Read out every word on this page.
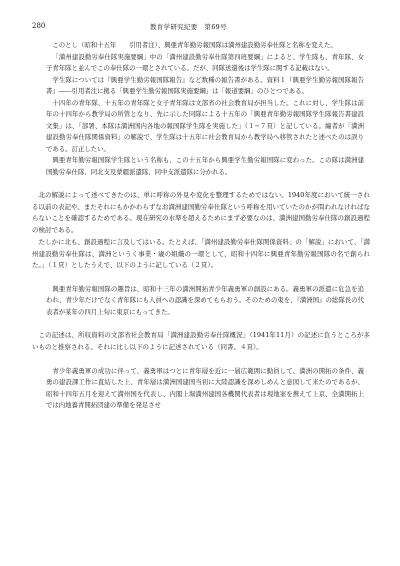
280	教育学研究紀要　第69号

このとし（昭和十五年　　引用者注）、興亜青年勤労報国隊は満州建設勤労奉仕隊と名称を変えた。

「満州建設勤労奉仕隊実施要綱」中の「満州建設勤労奉仕隊第四班要綱」によると、学生隊も、青年隊、女子青年隊と並んでこの奉仕隊の一環とされている。だが、同隊送還後は学生隊に関する記載はない。

学生隊については『興亜学生勤労報国隊報告』など数種の報告書がある。資料１『興亜学生勤労報国隊報告書』――引用者注に拠る「興亜学生勤労報国隊実施要綱」は「報道要綱」のひとつである。

十四年の青年隊、十五年の青年隊と女子青年隊は文部省の社会教育局が担当した。これに対し、学生隊は前年の十四年から教学局の所管となり、先に示した同隊による十五年の「興亜青年勤労報国隊学生隊報告書建設文集」は、「部署、本隊は満洲国内各地の報国隊学生隊を実施した」（１−７頁）と記している。編者が「満洲建設勤労奉仕隊関係資料」の解説で、学生隊は十五年に社会教育局から教学局へ移管されたと述べたのは誤りである。訂正したい。

興亜青年勤労報国隊学生隊という名称も、この十五年から興亜学生勤労報国隊に変わった。この隊は満洲建国勤労奉仕隊、同北支及蒙疆派遣隊、同中支派遣隊に分かれる。

北の解説によって述べてきたのは、単に呼称の外見や変化を整理するためではない。1940年度において統一される以前の表記や、またそれにもかかわらずなお満洲建国勤労奉仕隊という呼称を用いていたのかが問われなければならないことを確認するためである。現在研究の水準を超えるためにまず必要なのは、満洲建国勤労奉仕隊の創設過程の検討である。

たしかに北も、創設過程に言及してはいる。たとえば、「満州建設勤労奉仕隊関係資料」の「解説」において、「満州建設勤労奉仕隊は、満洲というく事業・歳の組織の一環として、昭和十四年に興亜青年勤労報国隊の名で創られた。」（１頁）としたうえで、以下のように記している（２頁）。

興亜青年勤労報国隊の趣旨は、昭和十三年の満洲開拓青少年義勇軍の創設にある。義勇軍の派遣に危急を追われ、青少年だけでなく青年隊にも人員への認識を深めてもらおう。そのための東を、『満洲国』の総隊長の代表者が某年の四月上旬に東京にもってきた。

この記述は、所収資料の文部省社会教育局「満洲建設勤労奉仕隊概況」（1941年11月）の記述に負うところが多いものと推察される。それに比し以下のように記述されている（同書、４頁）。

青少年義勇軍の成功に伴って、義勇軍はつとに青年層を近に一層広範囲に動員して、満洲の開拓の条件、義勇の建設課工作に直結した上、青年層は満洲国建国当初に大陸認識を深めしめんと意図して来たのであるが、昭和十四年五月を迎えて満州国を代表し、内閣上堀満州建国各機関代表者は現地案を携えて上京、全満開拓上では内地養青開拓団建の準備を発足させ
